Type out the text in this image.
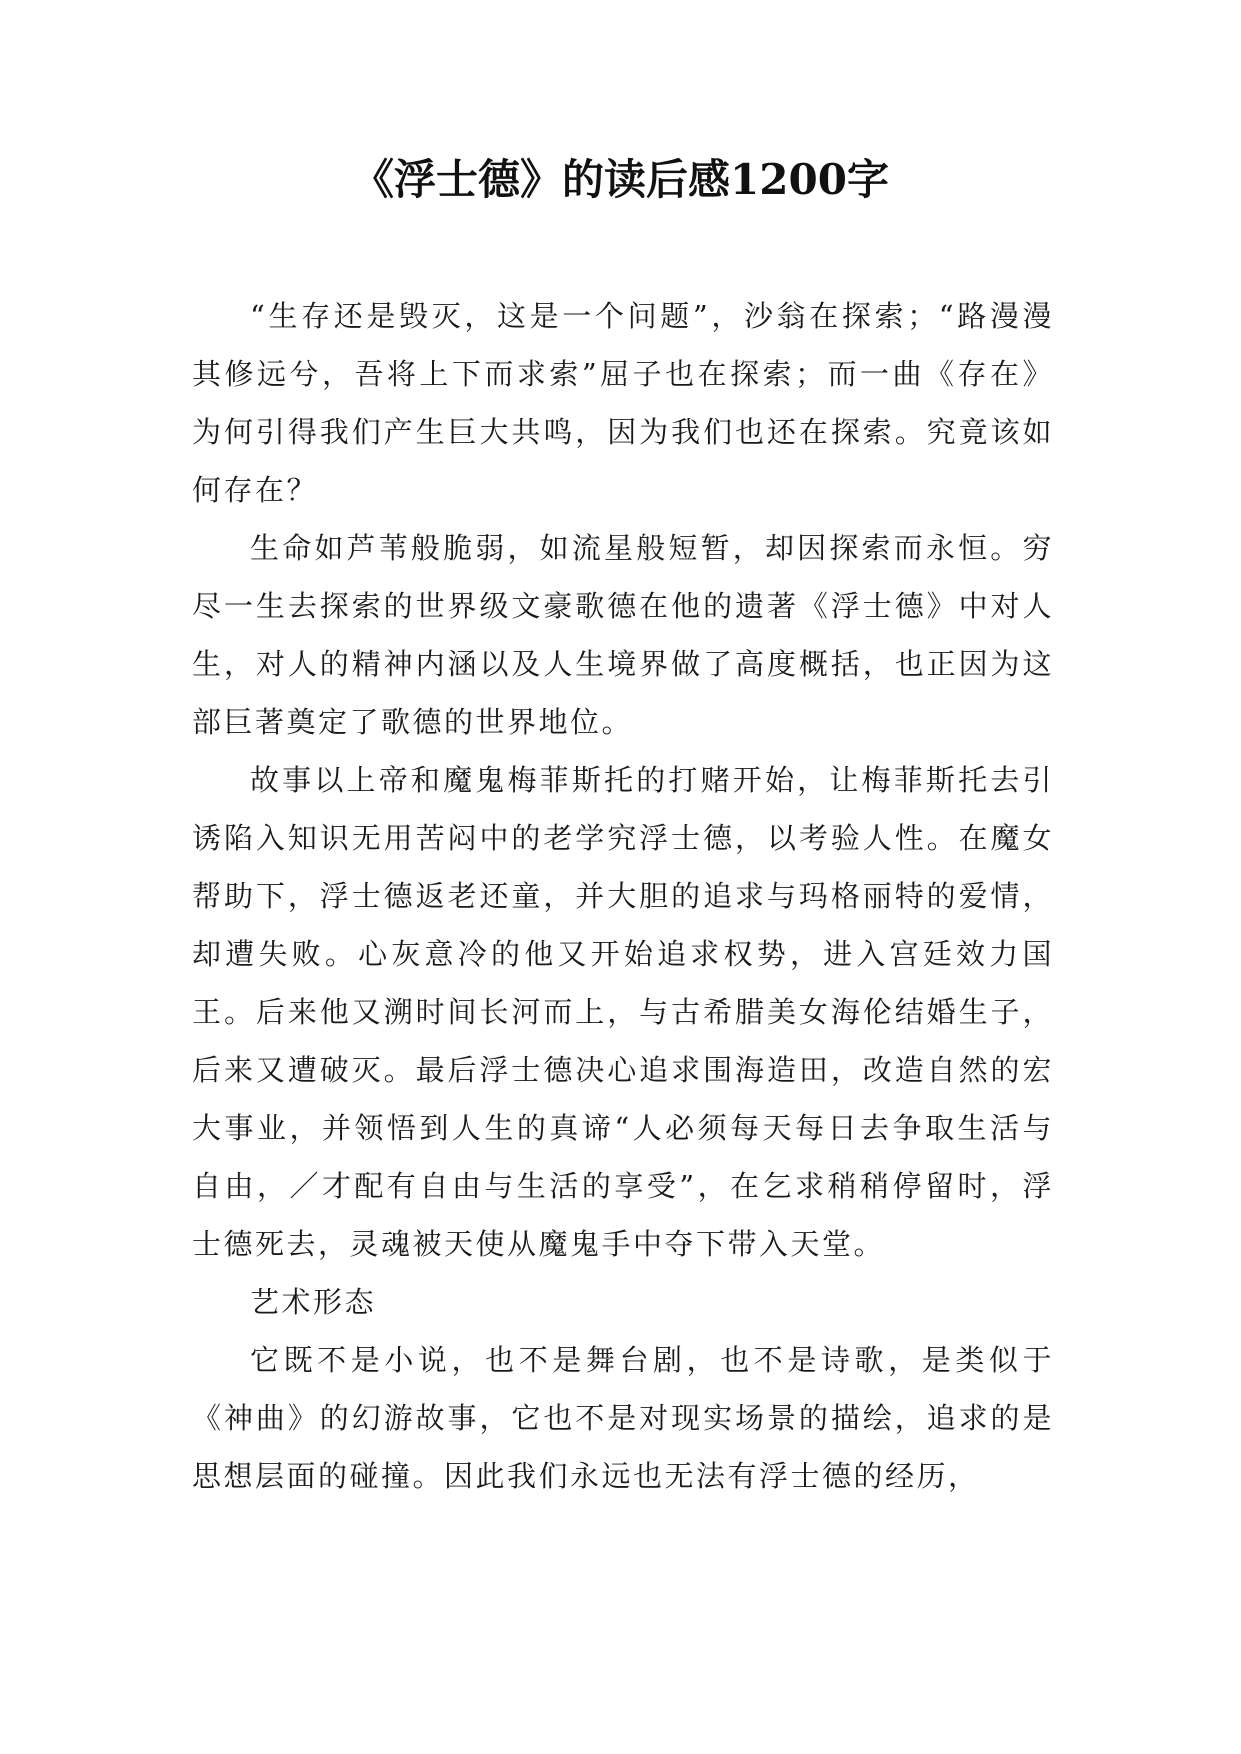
《浮士德》的读后感1200字

“生存还是毁灭，这是一个问题”，沙翁在探索；“路漫漫其修远兮，吾将上下而求索”屈子也在探索；而一曲《存在》为何引得我们产生巨大共鸣，因为我们也还在探索。究竟该如何存在？

生命如芦苇般脆弱，如流星般短暂，却因探索而永恒。穷尽一生去探索的世界级文豪歌德在他的遗著《浮士德》中对人生，对人的精神内涵以及人生境界做了高度概括，也正因为这部巨著奠定了歌德的世界地位。

故事以上帝和魔鬼梅菲斯托的打赌开始，让梅菲斯托去引诱陷入知识无用苦闷中的老学究浮士德，以考验人性。在魔女帮助下，浮士德返老还童，并大胆的追求与玛格丽特的爱情，却遭失败。心灰意冷的他又开始追求权势，进入宫廷效力国王。后来他又溯时间长河而上，与古希腊美女海伦结婚生子，后来又遭破灭。最后浮士德决心追求围海造田，改造自然的宏大事业，并领悟到人生的真谛“人必须每天每日去争取生活与自由，／才配有自由与生活的享受”，在乞求稍稍停留时，浮士德死去，灵魂被天使从魔鬼手中夺下带入天堂。

艺术形态

它既不是小说，也不是舞台剧，也不是诗歌，是类似于《神曲》的幻游故事，它也不是对现实场景的描绘，追求的是思想层面的碰撞。因此我们永远也无法有浮士德的经历，
